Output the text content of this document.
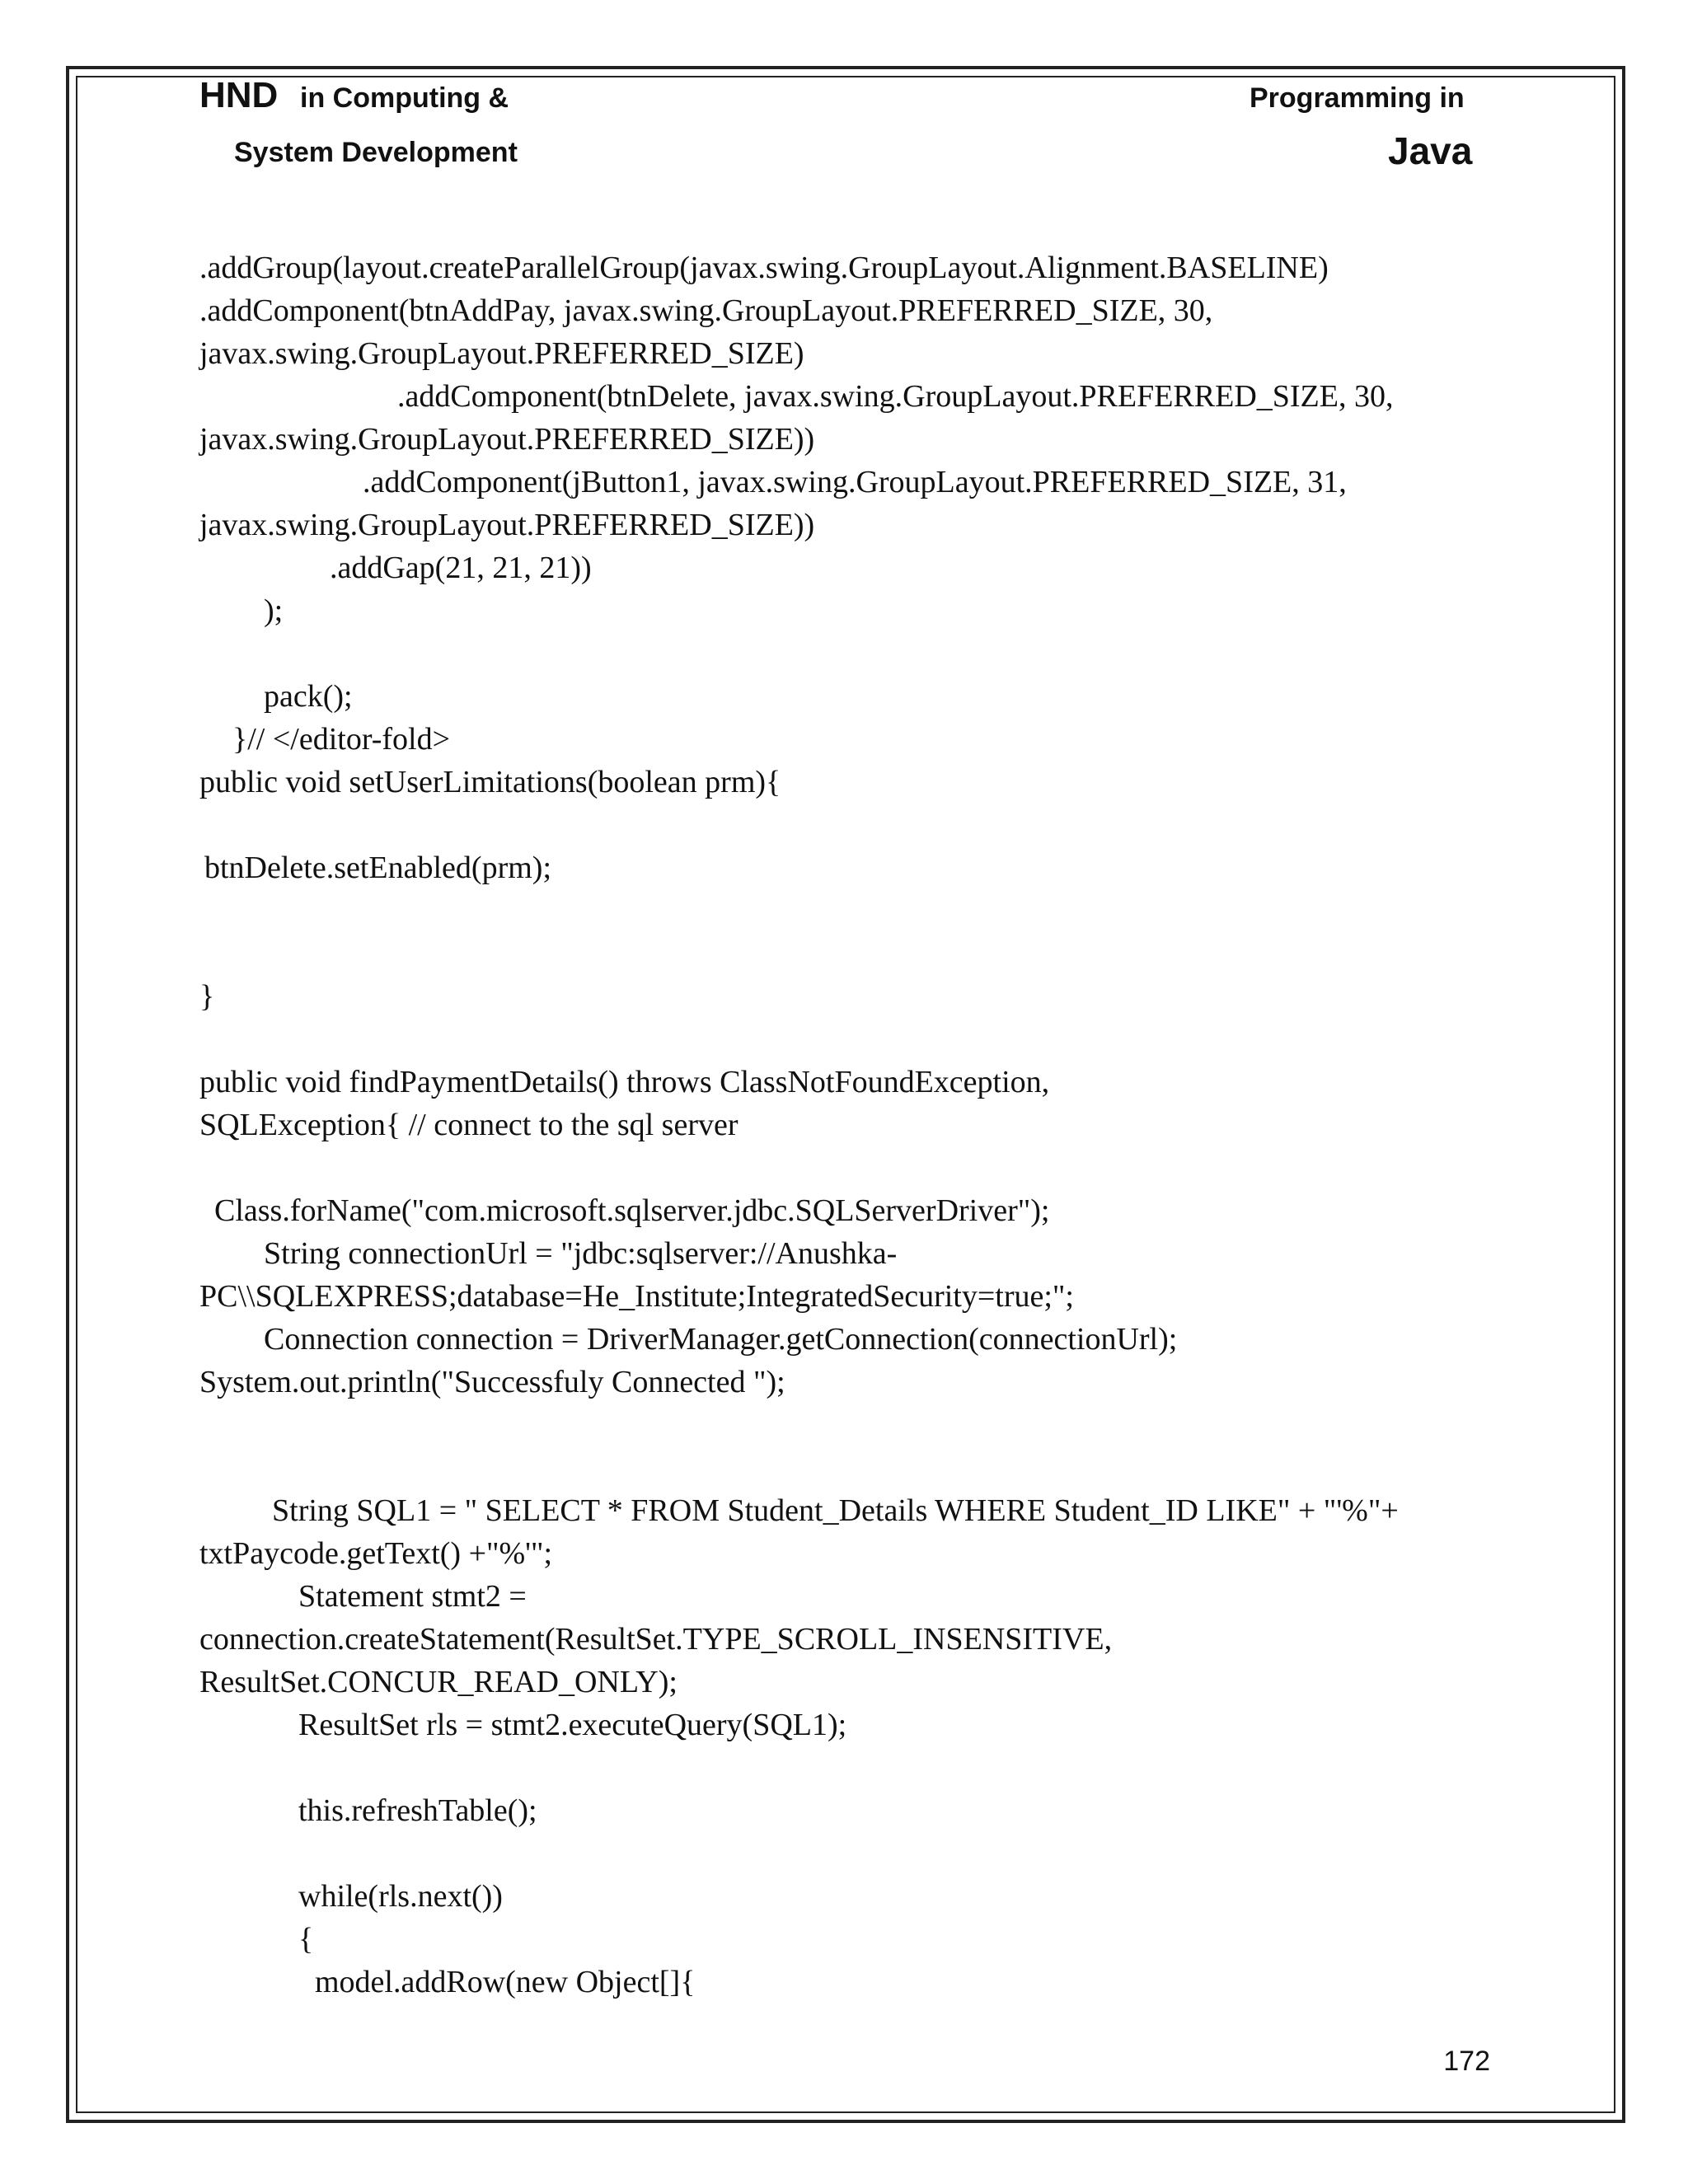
HND in Computing &
System Development
Programming in
Java
.addGroup(layout.createParallelGroup(javax.swing.GroupLayout.Alignment.BASELINE)
.addComponent(btnAddPay, javax.swing.GroupLayout.PREFERRED_SIZE, 30,
javax.swing.GroupLayout.PREFERRED_SIZE)
.addComponent(btnDelete, javax.swing.GroupLayout.PREFERRED_SIZE, 30,
javax.swing.GroupLayout.PREFERRED_SIZE))
.addComponent(jButton1, javax.swing.GroupLayout.PREFERRED_SIZE, 31,
javax.swing.GroupLayout.PREFERRED_SIZE))
.addGap(21, 21, 21))
);
pack();
}// </editor-fold>
public void setUserLimitations(boolean prm){
btnDelete.setEnabled(prm);
}
public void findPaymentDetails() throws ClassNotFoundException,
SQLException{ // connect to the sql server
Class.forName("com.microsoft.sqlserver.jdbc.SQLServerDriver");
String connectionUrl = "jdbc:sqlserver://Anushka-
PC\\SQLEXPRESS;database=He_Institute;IntegratedSecurity=true;";
Connection connection = DriverManager.getConnection(connectionUrl);
System.out.println("Successfuly Connected ");
String SQL1 = " SELECT * FROM Student_Details WHERE Student_ID LIKE" + "'%"+
txtPaycode.getText() +"%'";
Statement stmt2 =
connection.createStatement(ResultSet.TYPE_SCROLL_INSENSITIVE,
ResultSet.CONCUR_READ_ONLY);
ResultSet rls = stmt2.executeQuery(SQL1);
this.refreshTable();
while(rls.next())
{
model.addRow(new Object[]{
172
